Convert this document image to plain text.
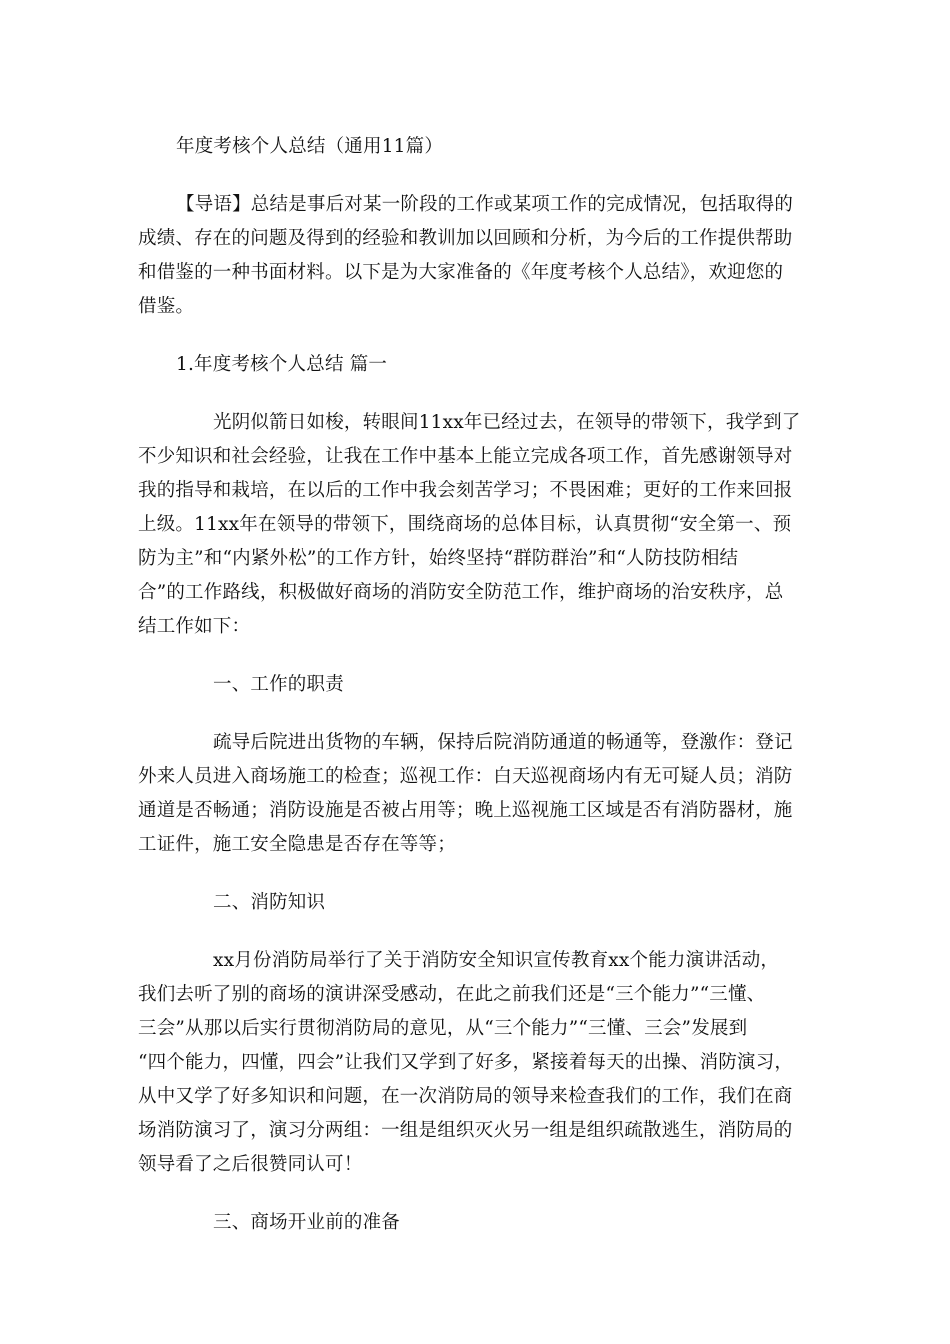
年度考核个人总结（通用11篇）
【导语】总结是事后对某一阶段的工作或某项工作的完成情况，包括取得的
成绩、存在的问题及得到的经验和教训加以回顾和分析，为今后的工作提供帮助
和借鉴的一种书面材料。以下是为大家准备的《年度考核个人总结》，欢迎您的
借鉴。
1.年度考核个人总结 篇一
光阴似箭日如梭，转眼间11xx年已经过去，在领导的带领下，我学到了
不少知识和社会经验，让我在工作中基本上能立完成各项工作，首先感谢领导对
我的指导和栽培，在以后的工作中我会刻苦学习；不畏困难；更好的工作来回报
上级。11xx年在领导的带领下，围绕商场的总体目标，认真贯彻“安全第一、预
防为主”和“内紧外松”的工作方针，始终坚持“群防群治”和“人防技防相结
合”的工作路线，积极做好商场的消防安全防范工作，维护商场的治安秩序，总
结工作如下：
一、工作的职责
疏导后院进出货物的车辆，保持后院消防通道的畅通等，登激作：登记
外来人员进入商场施工的检查；巡视工作：白天巡视商场内有无可疑人员；消防
通道是否畅通；消防设施是否被占用等；晚上巡视施工区域是否有消防器材，施
工证件，施工安全隐患是否存在等等；
二、消防知识
xx月份消防局举行了关于消防安全知识宣传教育xx个能力演讲活动，
我们去听了别的商场的演讲深受感动，在此之前我们还是“三个能力”“三懂、
三会”从那以后实行贯彻消防局的意见，从“三个能力”“三懂、三会”发展到
“四个能力，四懂，四会”让我们又学到了好多，紧接着每天的出操、消防演习，
从中又学了好多知识和问题，在一次消防局的领导来检查我们的工作，我们在商
场消防演习了，演习分两组：一组是组织灭火另一组是组织疏散逃生，消防局的
领导看了之后很赞同认可！
三、商场开业前的准备
